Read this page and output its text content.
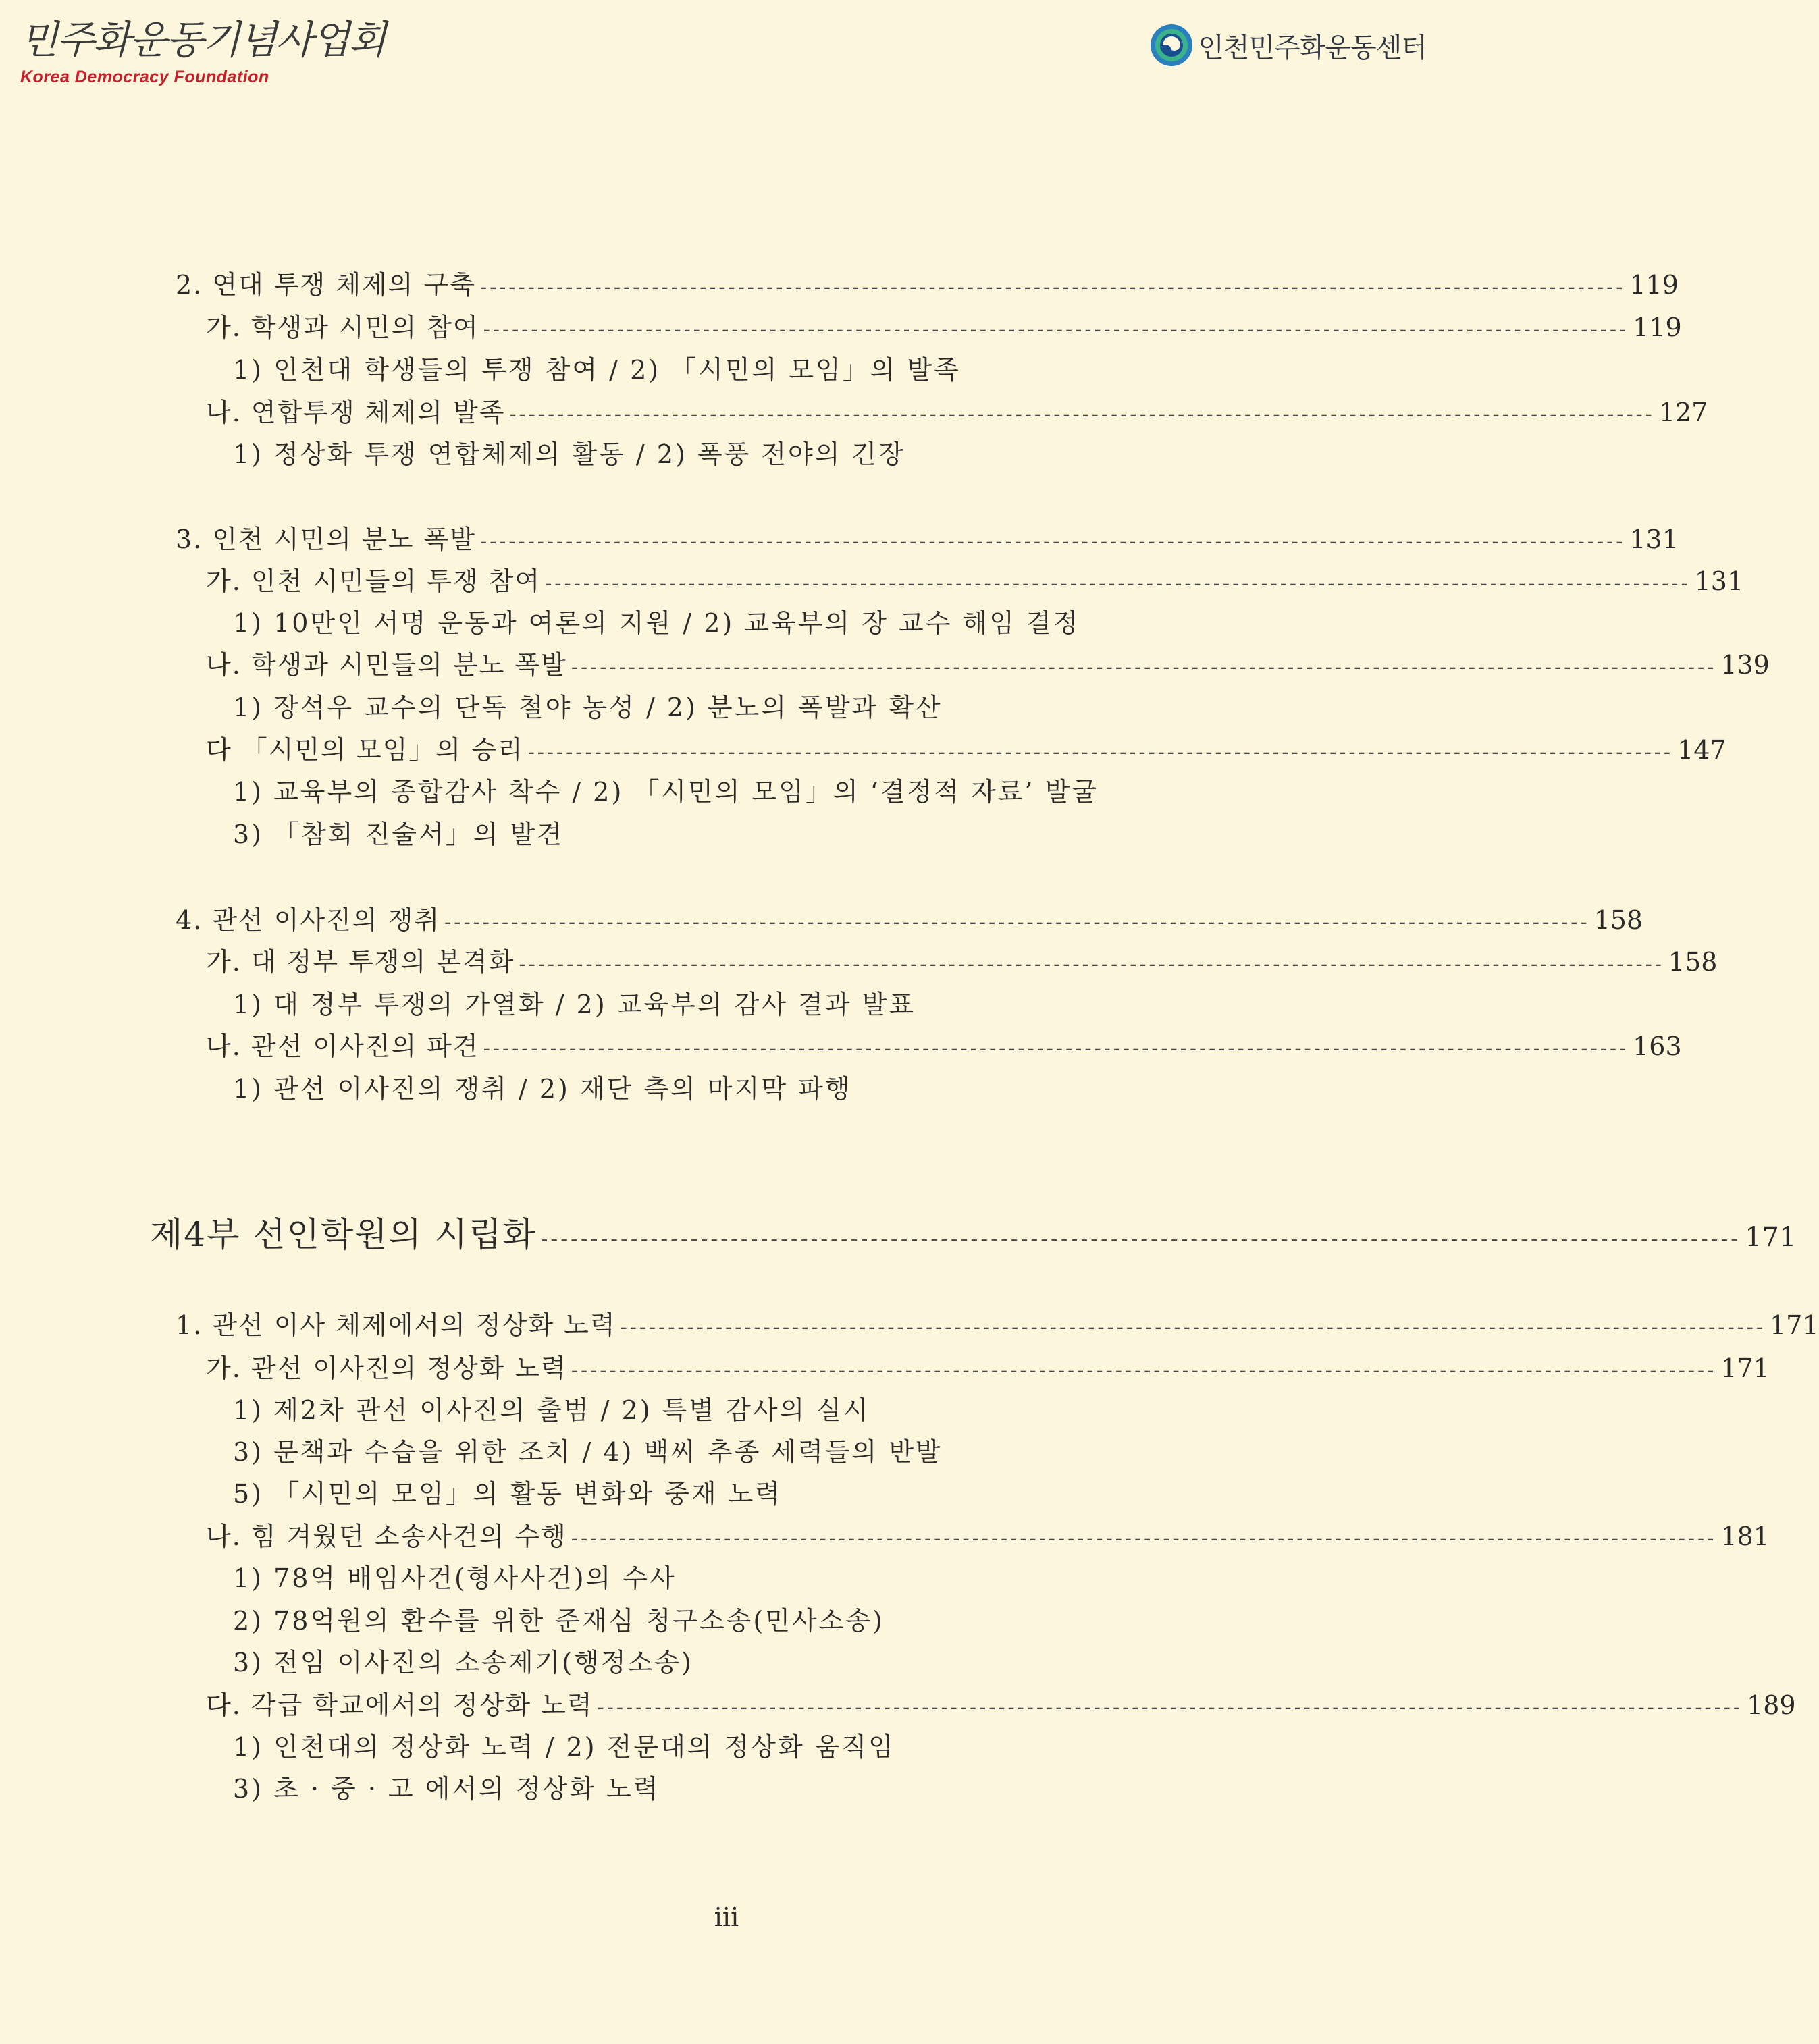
민주화운동기념사업회
Korea Democracy Foundation
인천민주화운동센터
2. 연대 투쟁 체제의 구축 ------------------------------------------------------------------------------------------------------------------------ 119
가. 학생과 시민의 참여 ------------------------------------------------------------------------------------------------------------------------ 119
1) 인천대 학생들의 투쟁 참여 / 2) 「시민의 모임」의 발족
나. 연합투쟁 체제의 발족 ------------------------------------------------------------------------------------------------------------------------ 127
1) 정상화 투쟁 연합체제의 활동 / 2) 폭풍 전야의 긴장
3. 인천 시민의 분노 폭발 ------------------------------------------------------------------------------------------------------------------------ 131
가. 인천 시민들의 투쟁 참여 ------------------------------------------------------------------------------------------------------------------------ 131
1) 10만인 서명 운동과 여론의 지원 / 2) 교육부의 장 교수 해임 결정
나. 학생과 시민들의 분노 폭발 ------------------------------------------------------------------------------------------------------------------------ 139
1) 장석우 교수의 단독 철야 농성 / 2) 분노의 폭발과 확산
다 「시민의 모임」의 승리 ------------------------------------------------------------------------------------------------------------------------ 147
1) 교육부의 종합감사 착수 / 2) 「시민의 모임」의 ‘결정적 자료’ 발굴
3) 「참회 진술서」의 발견
4. 관선 이사진의 쟁취 ------------------------------------------------------------------------------------------------------------------------ 158
가. 대 정부 투쟁의 본격화 ------------------------------------------------------------------------------------------------------------------------ 158
1) 대 정부 투쟁의 가열화 / 2) 교육부의 감사 결과 발표
나. 관선 이사진의 파견 ------------------------------------------------------------------------------------------------------------------------ 163
1) 관선 이사진의 쟁취 / 2) 재단 측의 마지막 파행
제4부 선인학원의 시립화 ------------------------------------------------------------------------------------------------------------------------ 171
1. 관선 이사 체제에서의 정상화 노력 ------------------------------------------------------------------------------------------------------------------------ 171
가. 관선 이사진의 정상화 노력 ------------------------------------------------------------------------------------------------------------------------ 171
1) 제2차 관선 이사진의 출범 / 2) 특별 감사의 실시
3) 문책과 수습을 위한 조치 / 4) 백씨 추종 세력들의 반발
5) 「시민의 모임」의 활동 변화와 중재 노력
나. 힘 겨웠던 소송사건의 수행 ------------------------------------------------------------------------------------------------------------------------ 181
1) 78억 배임사건(형사사건)의 수사
2) 78억원의 환수를 위한 준재심 청구소송(민사소송)
3) 전임 이사진의 소송제기(행정소송)
다. 각급 학교에서의 정상화 노력 ------------------------------------------------------------------------------------------------------------------------ 189
1) 인천대의 정상화 노력 / 2) 전문대의 정상화 움직임
3) 초 · 중 · 고 에서의 정상화 노력
iii
